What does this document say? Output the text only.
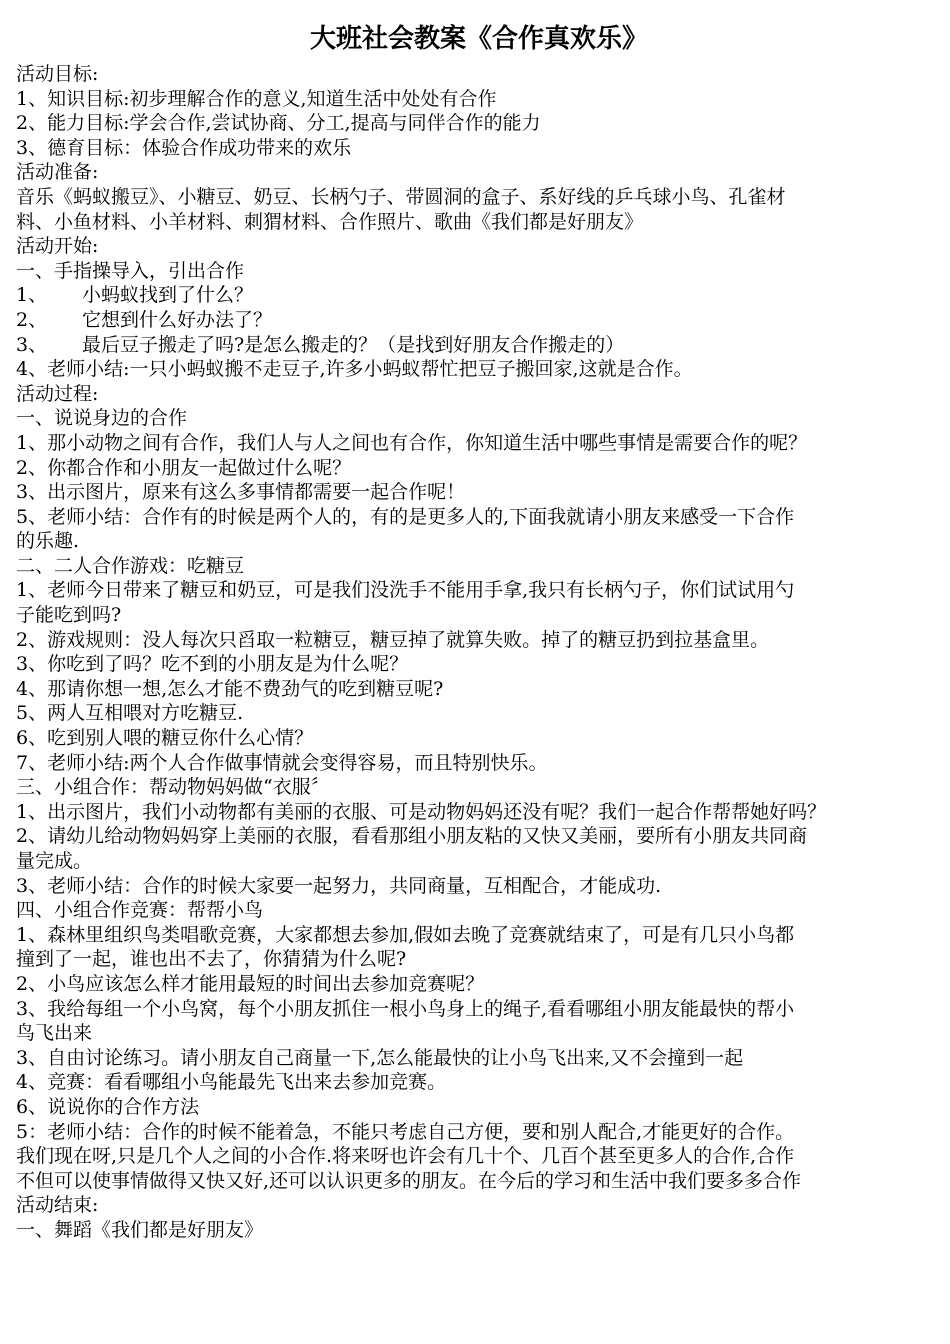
大班社会教案《合作真欢乐》
活动目标:
1、知识目标:初步理解合作的意义,知道生活中处处有合作
2、能力目标:学会合作,尝试协商、分工,提高与同伴合作的能力
3、德育目标：体验合作成功带来的欢乐
活动准备:
音乐《蚂蚁搬豆》、小糖豆、奶豆、长柄勺子、带圆洞的盒子、系好线的乒乓球小鸟、孔雀材
料、小鱼材料、小羊材料、刺猬材料、合作照片、歌曲《我们都是好朋友》
活动开始:
一、手指操导入，引出合作
1、 小蚂蚁找到了什么？
2、 它想到什么好办法了？
3、 最后豆子搬走了吗?是怎么搬走的？（是找到好朋友合作搬走的）
4、老师小结:一只小蚂蚁搬不走豆子,许多小蚂蚁帮忙把豆子搬回家,这就是合作。
活动过程:
一、说说身边的合作
1、那小动物之间有合作，我们人与人之间也有合作，你知道生活中哪些事情是需要合作的呢？
2、你都合作和小朋友一起做过什么呢？
3、出示图片，原来有这么多事情都需要一起合作呢！
5、老师小结：合作有的时候是两个人的，有的是更多人的,下面我就请小朋友来感受一下合作
的乐趣.
二、二人合作游戏：吃糖豆
1、老师今日带来了糖豆和奶豆，可是我们没洗手不能用手拿,我只有长柄勺子，你们试试用勺
子能吃到吗?
2、游戏规则：没人每次只舀取一粒糖豆，糖豆掉了就算失败。掉了的糖豆扔到拉基盒里。
3、你吃到了吗？吃不到的小朋友是为什么呢？
4、那请你想一想,怎么才能不费劲气的吃到糖豆呢?
5、两人互相喂对方吃糖豆.
6、吃到别人喂的糖豆你什么心情？
7、老师小结:两个人合作做事情就会变得容易，而且特别快乐。
三、小组合作：帮动物妈妈做“衣服〞
1、出示图片，我们小动物都有美丽的衣服、可是动物妈妈还没有呢？我们一起合作帮帮她好吗？
2、请幼儿给动物妈妈穿上美丽的衣服，看看那组小朋友粘的又快又美丽，要所有小朋友共同商
量完成。
3、老师小结：合作的时候大家要一起努力，共同商量，互相配合，才能成功.
四、小组合作竞赛：帮帮小鸟
1、森林里组织鸟类唱歌竞赛，大家都想去参加,假如去晚了竞赛就结束了，可是有几只小鸟都
撞到了一起，谁也出不去了，你猜猜为什么呢?
2、小鸟应该怎么样才能用最短的时间出去参加竞赛呢？
3、我给每组一个小鸟窝，每个小朋友抓住一根小鸟身上的绳子,看看哪组小朋友能最快的帮小
鸟飞出来
3、自由讨论练习。请小朋友自己商量一下,怎么能最快的让小鸟飞出来,又不会撞到一起
4、竞赛：看看哪组小鸟能最先飞出来去参加竞赛。
6、说说你的合作方法
5：老师小结：合作的时候不能着急，不能只考虑自己方便，要和别人配合,才能更好的合作。
我们现在呀,只是几个人之间的小合作.将来呀也许会有几十个、几百个甚至更多人的合作,合作
不但可以使事情做得又快又好,还可以认识更多的朋友。在今后的学习和生活中我们要多多合作
活动结束:
一、舞蹈《我们都是好朋友》
